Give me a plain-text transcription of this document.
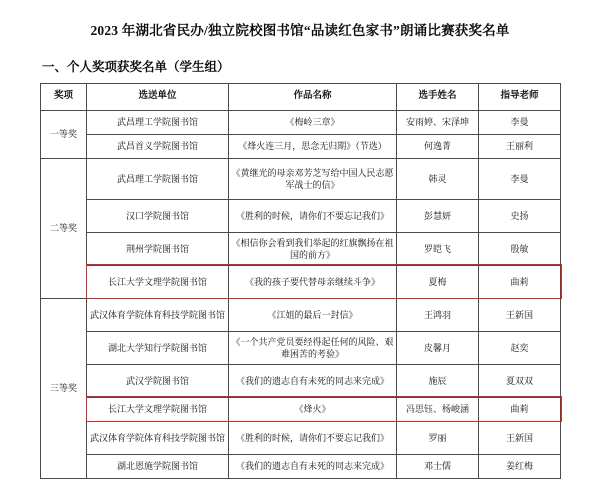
2023 年湖北省民办/独立院校图书馆“品读红色家书”朗诵比赛获奖名单
一、个人奖项获奖名单（学生组）
奖项	选送单位	作品名称	选手姓名	指导老师
一等奖	武昌理工学院图书馆	《梅岭三章》	安雨婷、宋泽坤	李曼
	武昌首义学院图书馆	《烽火连三月，思念无归期》（节选）	何逸菁	王丽利
二等奖	武昌理工学院图书馆	《黄继光的母亲邓芳芝写给中国人民志愿军战士的信》	韩灵	李曼
	汉口学院图书馆	《胜利的时候，请你们不要忘记我们》	彭慧妍	史扬
	荆州学院图书馆	《相信你会看到我们举起的红旗飘扬在祖国的前方》	罗皑飞	殷敏
	长江大学文理学院图书馆	《我的孩子要代替母亲继续斗争》	夏梅	曲莉
三等奖	武汉体育学院体育科技学院图书馆	《江姐的最后一封信》	王鸿羽	王新国
	湖北大学知行学院图书馆	《一个共产党员要经得起任何的风险、艰难困苦的考验》	皮馨月	赵奕
	武汉学院图书馆	《我们的遗志自有未死的同志来完成》	施辰	夏双双
	长江大学文理学院图书馆	《烽火》	冯思钰、杨峻涵	曲莉
	武汉体育学院体育科技学院图书馆	《胜利的时候，请你们不要忘记我们》	罗丽	王新国
	湖北恩施学院图书馆	《我们的遗志自有未死的同志来完成》	邓士儒	姜红梅
